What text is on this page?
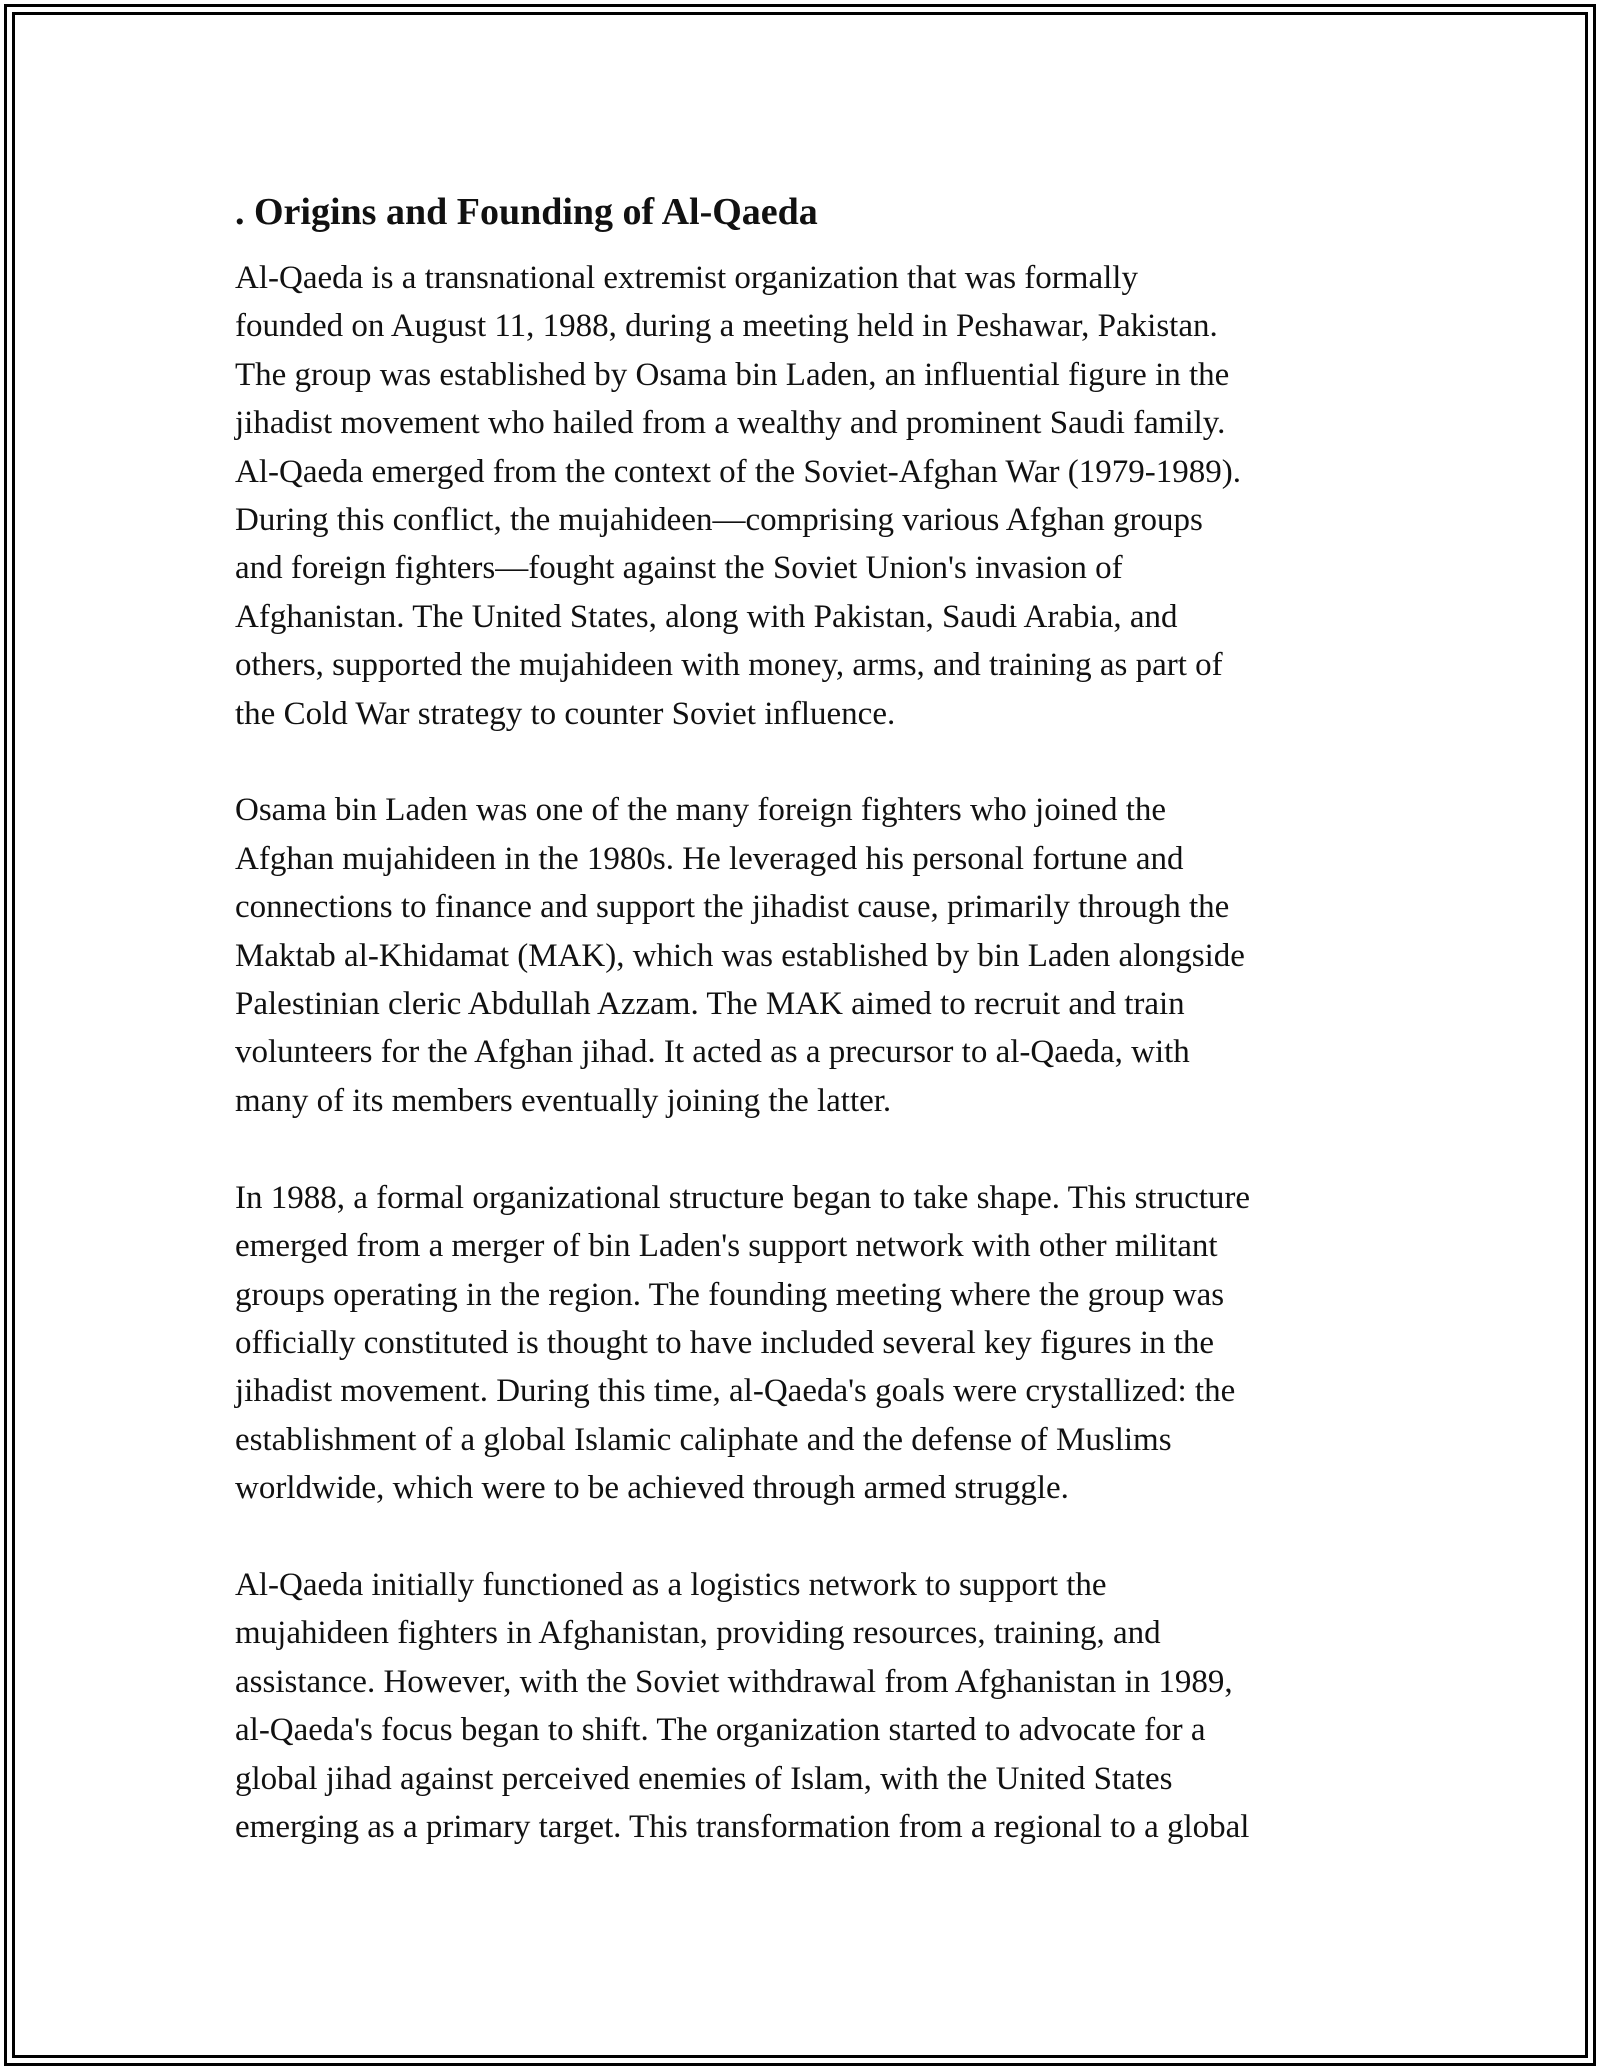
. Origins and Founding of Al-Qaeda

Al-Qaeda is a transnational extremist organization that was formally
founded on August 11, 1988, during a meeting held in Peshawar, Pakistan.
The group was established by Osama bin Laden, an influential figure in the
jihadist movement who hailed from a wealthy and prominent Saudi family.
Al-Qaeda emerged from the context of the Soviet-Afghan War (1979-1989).
During this conflict, the mujahideen—comprising various Afghan groups
and foreign fighters—fought against the Soviet Union's invasion of
Afghanistan. The United States, along with Pakistan, Saudi Arabia, and
others, supported the mujahideen with money, arms, and training as part of
the Cold War strategy to counter Soviet influence.

Osama bin Laden was one of the many foreign fighters who joined the
Afghan mujahideen in the 1980s. He leveraged his personal fortune and
connections to finance and support the jihadist cause, primarily through the
Maktab al-Khidamat (MAK), which was established by bin Laden alongside
Palestinian cleric Abdullah Azzam. The MAK aimed to recruit and train
volunteers for the Afghan jihad. It acted as a precursor to al-Qaeda, with
many of its members eventually joining the latter.

In 1988, a formal organizational structure began to take shape. This structure
emerged from a merger of bin Laden's support network with other militant
groups operating in the region. The founding meeting where the group was
officially constituted is thought to have included several key figures in the
jihadist movement. During this time, al-Qaeda's goals were crystallized: the
establishment of a global Islamic caliphate and the defense of Muslims
worldwide, which were to be achieved through armed struggle.

Al-Qaeda initially functioned as a logistics network to support the
mujahideen fighters in Afghanistan, providing resources, training, and
assistance. However, with the Soviet withdrawal from Afghanistan in 1989,
al-Qaeda's focus began to shift. The organization started to advocate for a
global jihad against perceived enemies of Islam, with the United States
emerging as a primary target. This transformation from a regional to a global
